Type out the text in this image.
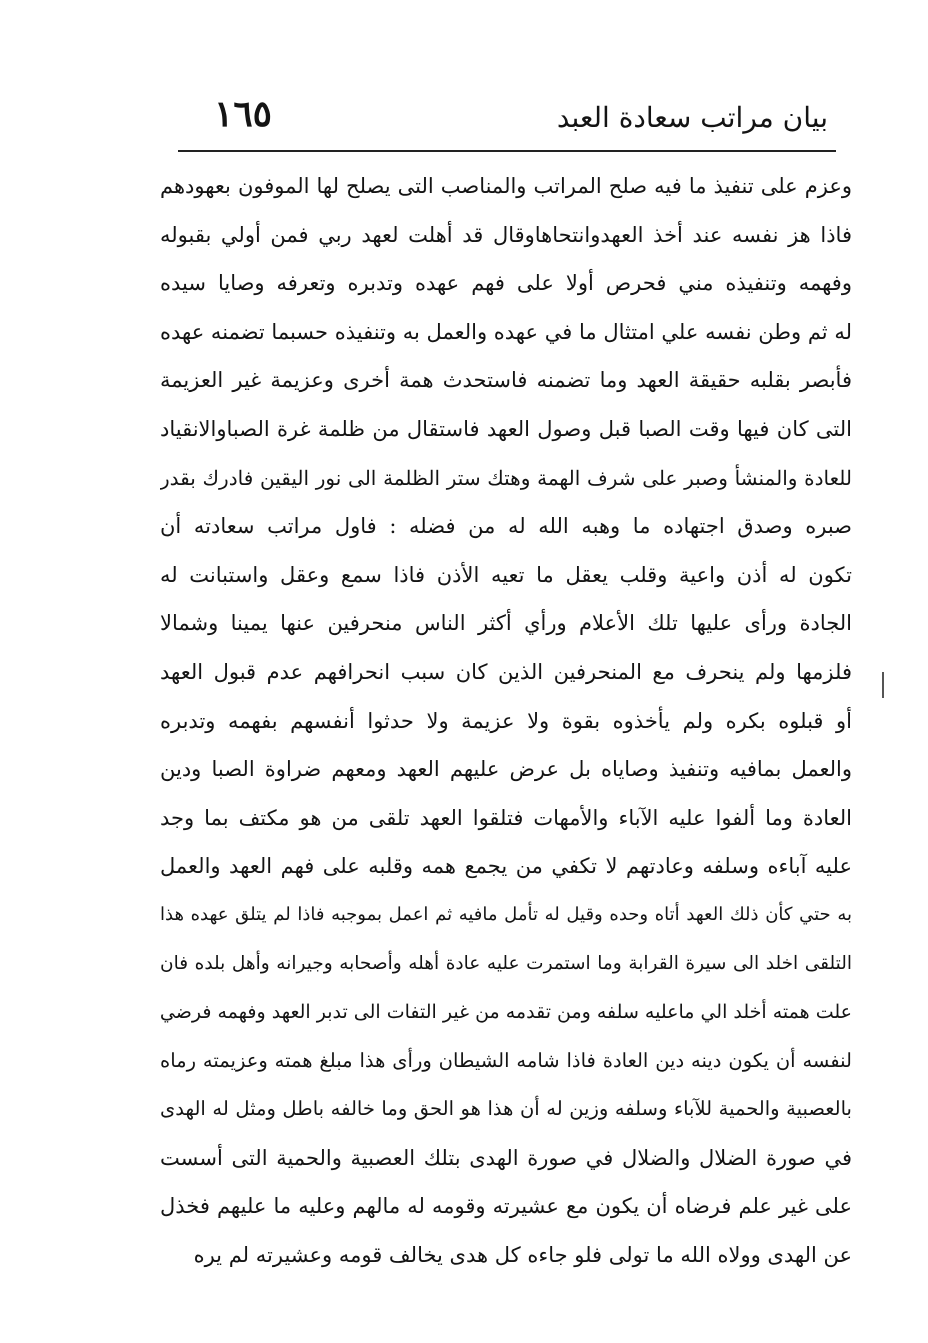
بيان مراتب سعادة العبد
١٦٥
وعزم على تنفيذ ما فيه صلح المراتب والمناصب التى يصلح لها الموفون بعهودهم
فاذا هز نفسه عند أخذ العهدوانتحاهاوقال قد أهلت لعهد ربي فمن أولي بقبوله
وفهمه وتنفيذه مني فحرص أولا على فهم عهده وتدبره وتعرفه وصايا سيده
له ثم وطن نفسه علي امتثال ما في عهده والعمل به وتنفيذه حسبما تضمنه عهده
فأبصر بقلبه حقيقة العهد وما تضمنه فاستحدث همة أخرى وعزيمة غير العزيمة
التى كان فيها وقت الصبا قبل وصول العهد فاستقال من ظلمة غرة الصباوالانقياد
للعادة والمنشأ وصبر على شرف الهمة وهتك ستر الظلمة الى نور اليقين فادرك بقدر
صبره وصدق اجتهاده ما وهبه الله له من فضله : فاول مراتب سعادته أن
تكون له أذن واعية وقلب يعقل ما تعيه الأذن فاذا سمع وعقل واستبانت له
الجادة ورأى عليها تلك الأعلام ورأي أكثر الناس منحرفين عنها يمينا وشمالا
فلزمها ولم ينحرف مع المنحرفين الذين كان سبب انحرافهم عدم قبول العهد
أو قبلوه بكره ولم يأخذوه بقوة ولا عزيمة ولا حدثوا أنفسهم بفهمه وتدبره
والعمل بمافيه وتنفيذ وصاياه بل عرض عليهم العهد ومعهم ضراوة الصبا ودين
العادة وما ألفوا عليه الآباء والأمهات فتلقوا العهد تلقى من هو مكتف بما وجد
عليه آباءه وسلفه وعادتهم لا تكفي من يجمع همه وقلبه على فهم العهد والعمل
به حتي كأن ذلك العهد أتاه وحده وقيل له تأمل مافيه ثم اعمل بموجبه فاذا لم يتلق عهده هذا
التلقى اخلد الى سيرة القرابة وما استمرت عليه عادة أهله وأصحابه وجيرانه وأهل بلده فان
علت همته أخلد الي ماعليه سلفه ومن تقدمه من غير التفات الى تدبر العهد وفهمه فرضي
لنفسه أن يكون دينه دين العادة فاذا شامه الشيطان ورأى هذا مبلغ همته وعزيمته رماه
بالعصبية والحمية للآباء وسلفه وزين له أن هذا هو الحق وما خالفه باطل ومثل له الهدى
في صورة الضلال والضلال في صورة الهدى بتلك العصبية والحمية التى أسست
على غير علم فرضاه أن يكون مع عشيرته وقومه له مالهم وعليه ما عليهم فخذل
عن الهدى وولاه الله ما تولى فلو جاءه كل هدى يخالف قومه وعشيرته لم يره
